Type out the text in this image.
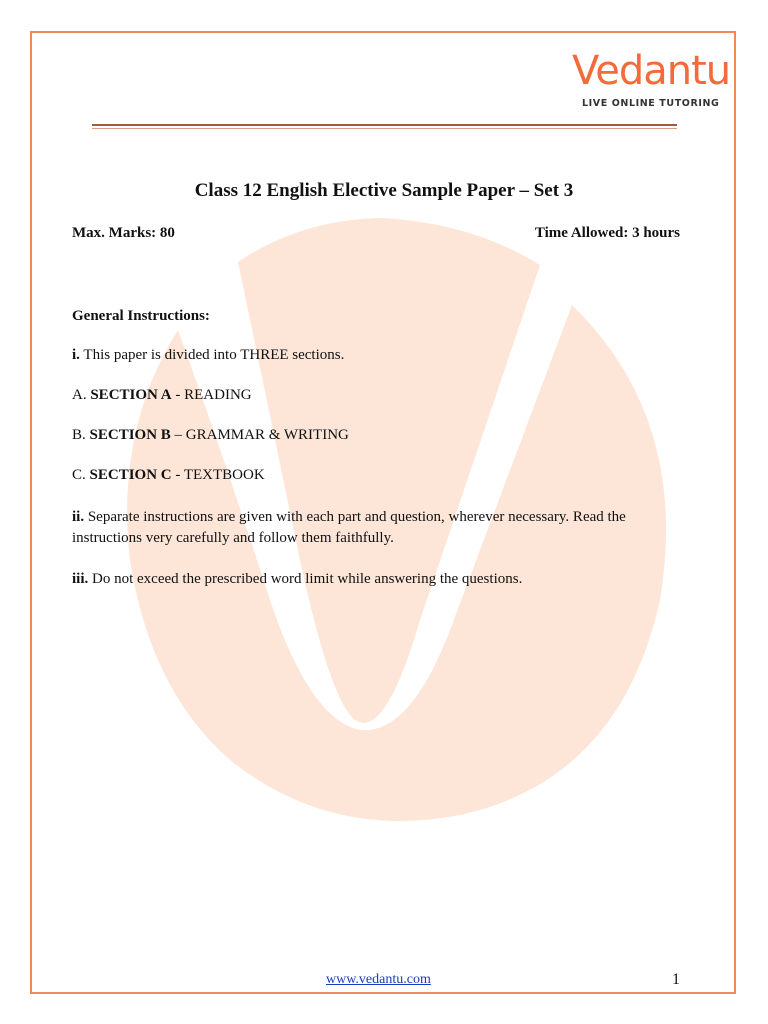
Vedantu
LIVE ONLINE TUTORING
Class 12 English Elective Sample Paper – Set 3
Max. Marks: 80	Time Allowed: 3 hours
General Instructions:
i. This paper is divided into THREE sections.
A. SECTION A - READING
B. SECTION B – GRAMMAR & WRITING
C. SECTION C - TEXTBOOK
ii. Separate instructions are given with each part and question, wherever necessary. Read the instructions very carefully and follow them faithfully.
iii. Do not exceed the prescribed word limit while answering the questions.
www.vedantu.com	1
